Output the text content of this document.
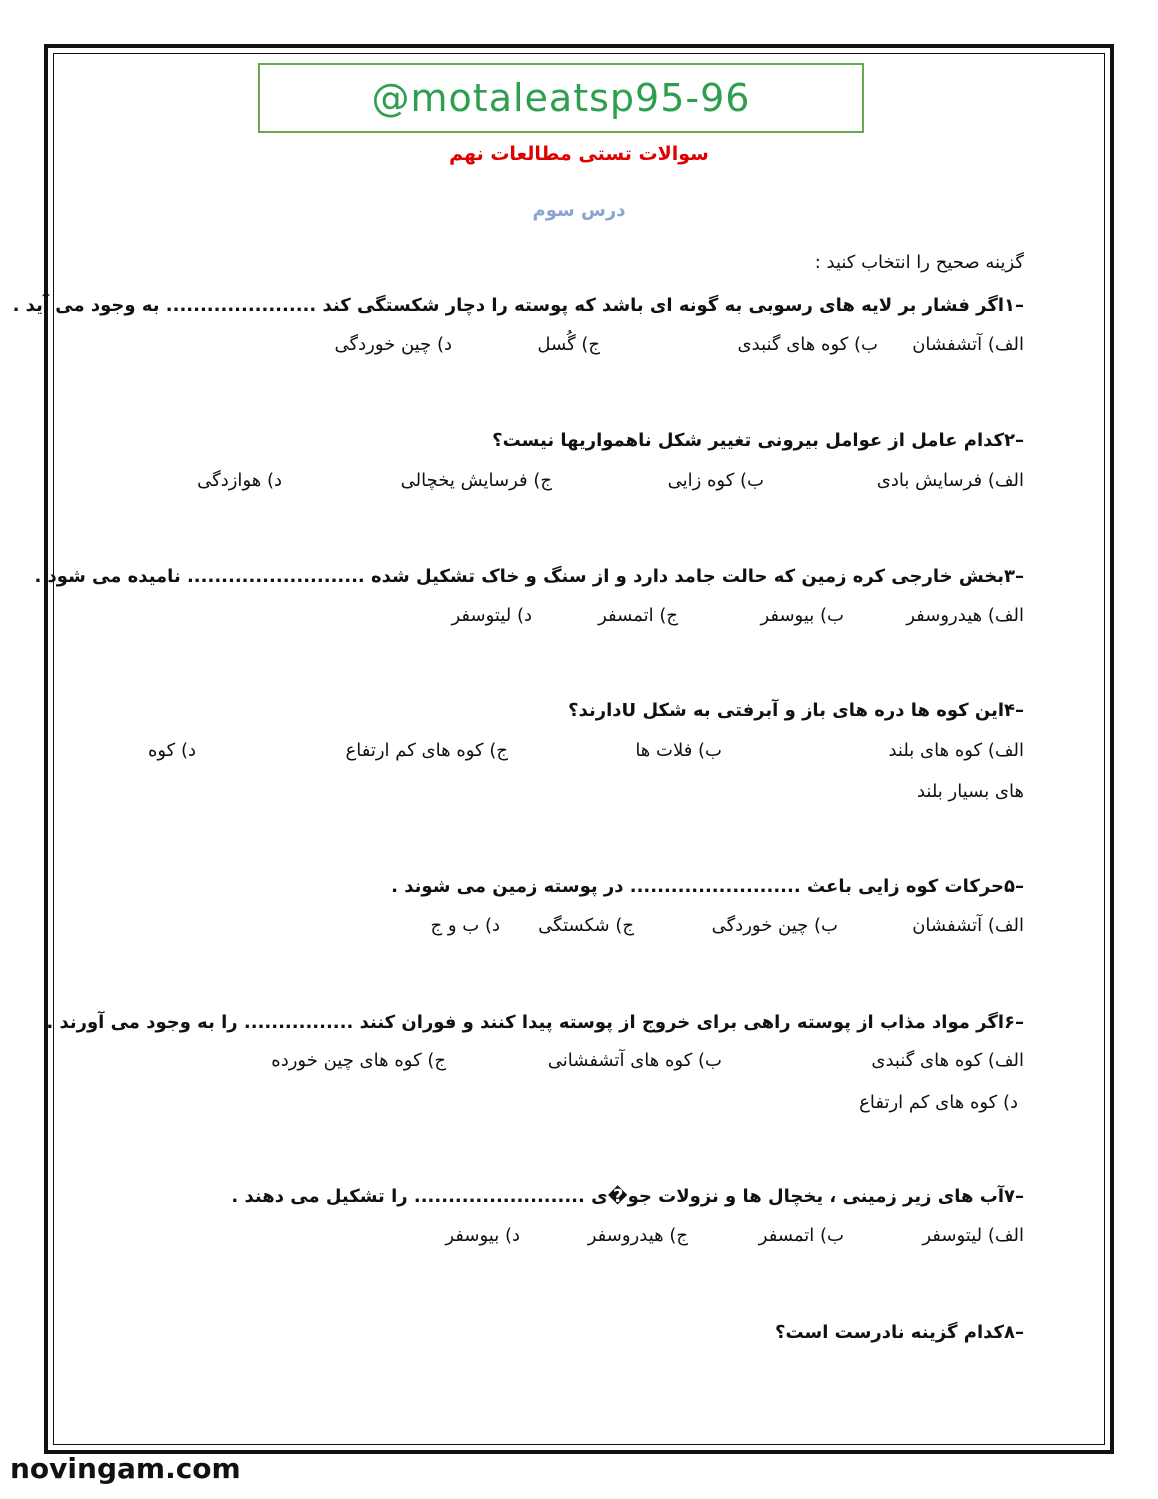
@motaleatsp95-96
سوالات تستی مطالعات نهم
درس سوم
گزینه صحیح را انتخاب کنید :
–۱اگر فشار بر لایه های رسوبی به گونه ای باشد که پوسته را دچار شکستگی کند ...................... به وجود می آید .
الف) آتشفشان
ب) کوه های گنبدی
ج) گُسل
د) چین خوردگی
–۲کدام عامل از عوامل بیرونی تغییر شکل ناهمواریها نیست؟
الف) فرسایش بادی
ب) کوه زایی
ج) فرسایش یخچالی
د) هوازدگی
–۳بخش خارجی کره زمین که حالت جامد دارد و از سنگ و خاک تشکیل شده .......................... نامیده می شود .
الف) هیدروسفر
ب) بیوسفر
ج) اتمسفر
د) لیتوسفر
–۴این کوه ها دره های باز و آبرفتی به شکل Uدارند؟
الف) کوه های بلند
ب) فلات ها
ج) کوه های کم ارتفاع
د) کوه
های بسیار بلند
–۵حرکات کوه زایی باعث ......................... در پوسته زمین می شوند .
الف) آتشفشان
ب) چین خوردگی
ج) شکستگی
د) ب و ج
–۶اگر مواد مذاب از پوسته راهی برای خروج از پوسته پیدا کنند و فوران کنند ................ را به وجود می آورند .
الف) کوه های گنبدی
ب) کوه های آتشفشانی
ج) کوه های چین خورده
د) کوه های کم ارتفاع
–۷آب های زیر زمینی ، یخچال ها و نزولات جو�ی ......................... را تشکیل می دهند .
الف) لیتوسفر
ب) اتمسفر
ج) هیدروسفر
د) بیوسفر
–۸کدام گزینه نادرست است؟
novingam.com
